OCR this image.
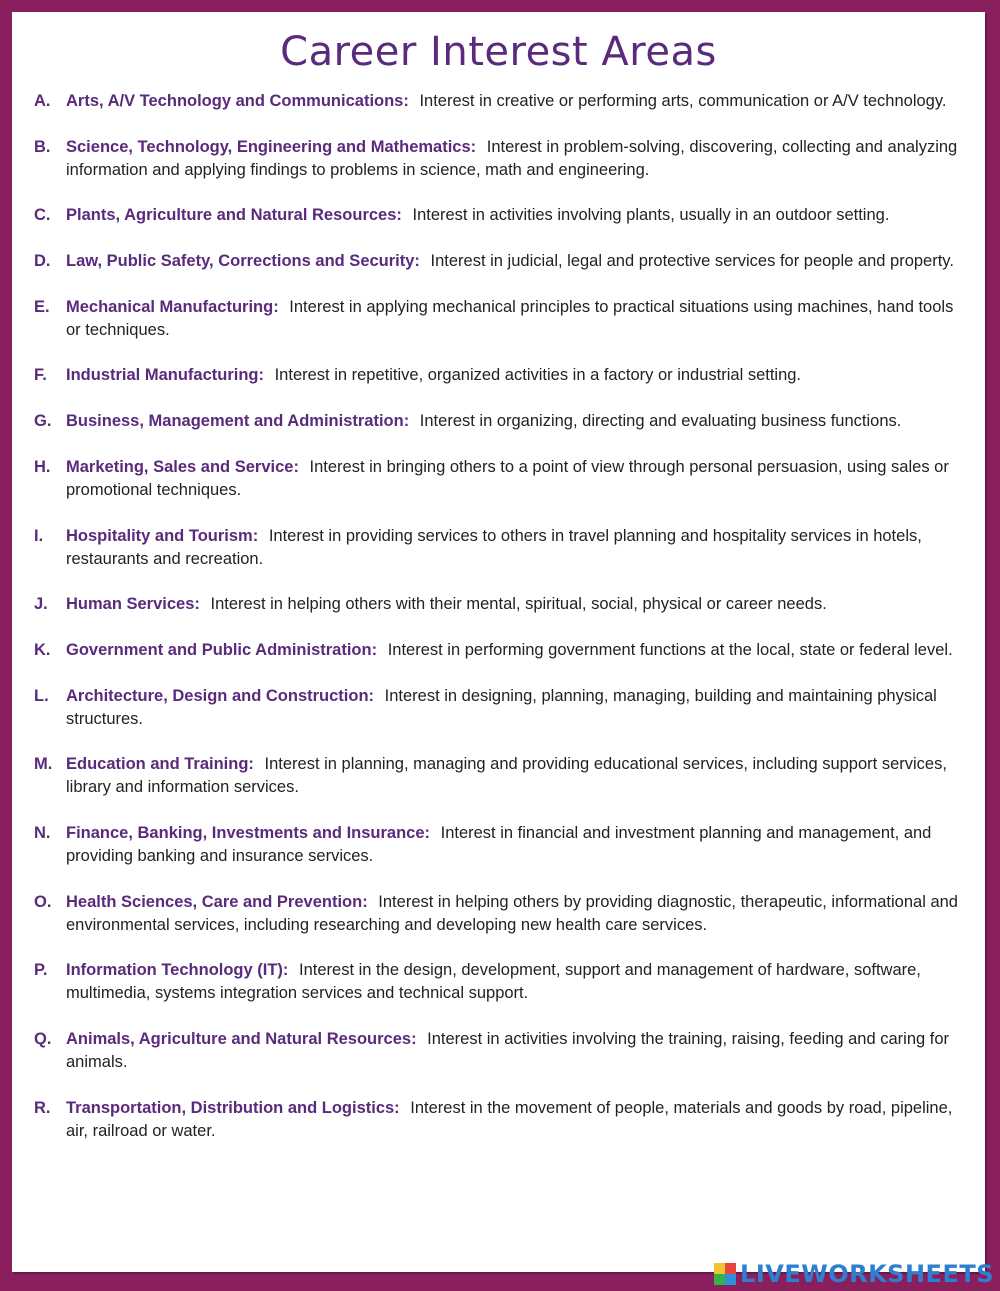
Career Interest Areas
A. Arts, A/V Technology and Communications: Interest in creative or performing arts, communication or A/V technology.
B. Science, Technology, Engineering and Mathematics: Interest in problem-solving, discovering, collecting and analyzing information and applying findings to problems in science, math and engineering.
C. Plants, Agriculture and Natural Resources: Interest in activities involving plants, usually in an outdoor setting.
D. Law, Public Safety, Corrections and Security: Interest in judicial, legal and protective services for people and property.
E. Mechanical Manufacturing: Interest in applying mechanical principles to practical situations using machines, hand tools or techniques.
F. Industrial Manufacturing: Interest in repetitive, organized activities in a factory or industrial setting.
G. Business, Management and Administration: Interest in organizing, directing and evaluating business functions.
H. Marketing, Sales and Service: Interest in bringing others to a point of view through personal persuasion, using sales or promotional techniques.
I. Hospitality and Tourism: Interest in providing services to others in travel planning and hospitality services in hotels, restaurants and recreation.
J. Human Services: Interest in helping others with their mental, spiritual, social, physical or career needs.
K. Government and Public Administration: Interest in performing government functions at the local, state or federal level.
L. Architecture, Design and Construction: Interest in designing, planning, managing, building and maintaining physical structures.
M. Education and Training: Interest in planning, managing and providing educational services, including support services, library and information services.
N. Finance, Banking, Investments and Insurance: Interest in financial and investment planning and management, and providing banking and insurance services.
O. Health Sciences, Care and Prevention: Interest in helping others by providing diagnostic, therapeutic, informational and environmental services, including researching and developing new health care services.
P. Information Technology (IT): Interest in the design, development, support and management of hardware, software, multimedia, systems integration services and technical support.
Q. Animals, Agriculture and Natural Resources: Interest in activities involving the training, raising, feeding and caring for animals.
R. Transportation, Distribution and Logistics: Interest in the movement of people, materials and goods by road, pipeline, air, railroad or water.
LIVEWORKSHEETS
